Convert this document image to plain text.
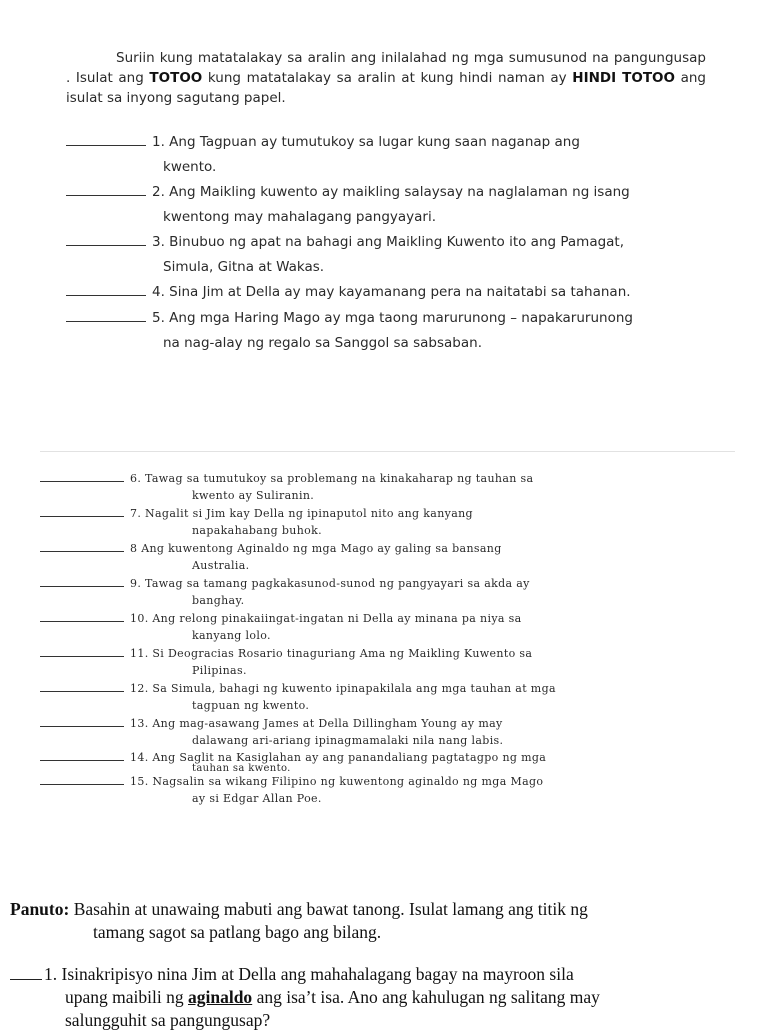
Suriin kung matatalakay sa aralin ang inilalahad ng mga sumusunod na pangungusap . Isulat ang TOTOO kung matatalakay sa aralin at kung hindi naman ay HINDI TOTOO ang isulat sa inyong sagutang papel.

1. Ang Tagpuan ay tumutukoy sa lugar kung saan naganap ang
kwento.
2. Ang Maikling kuwento ay maikling salaysay na naglalaman ng isang
kwentong may mahalagang pangyayari.
3. Binubuo ng apat na bahagi ang Maikling Kuwento ito ang Pamagat,
Simula, Gitna at Wakas.
4. Sina Jim at Della ay may kayamanang pera na naitatabi sa tahanan.
5. Ang mga Haring Mago ay mga taong marurunong – napakarurunong
na nag-alay ng regalo sa Sanggol sa sabsaban.
6. Tawag sa tumutukoy sa problemang na kinakaharap ng tauhan sa
kwento ay Suliranin.
7. Nagalit si Jim kay Della ng ipinaputol nito ang kanyang
napakahabang buhok.
8 Ang kuwentong Aginaldo ng mga Mago ay galing sa bansang
Australia.
9. Tawag sa tamang pagkakasunod-sunod ng pangyayari sa akda ay
banghay.
10. Ang relong pinakaiingat-ingatan ni Della ay minana pa niya sa
kanyang lolo.
11. Si Deogracias Rosario tinaguriang Ama ng Maikling Kuwento sa
Pilipinas.
12. Sa Simula, bahagi ng kuwento ipinapakilala ang mga tauhan at mga
tagpuan ng kwento.
13. Ang mag-asawang James at Della Dillingham Young ay may
dalawang ari-ariang ipinagmamalaki nila nang labis.
14. Ang Saglit na Kasiglahan ay ang panandaliang pagtatagpo ng mga
tauhan sa kwento.
15. Nagsalin sa wikang Filipino ng kuwentong aginaldo ng mga Mago
ay si Edgar Allan Poe.
Panuto: Basahin at unawaing mabuti ang bawat tanong. Isulat lamang ang titik ng
tamang sagot sa patlang bago ang bilang.
1. Isinakripisyo nina Jim at Della ang mahahalagang bagay na mayroon sila
upang maibili ng aginaldo ang isa’t isa. Ano ang kahulugan ng salitang may
salungguhit sa pangungusap?
